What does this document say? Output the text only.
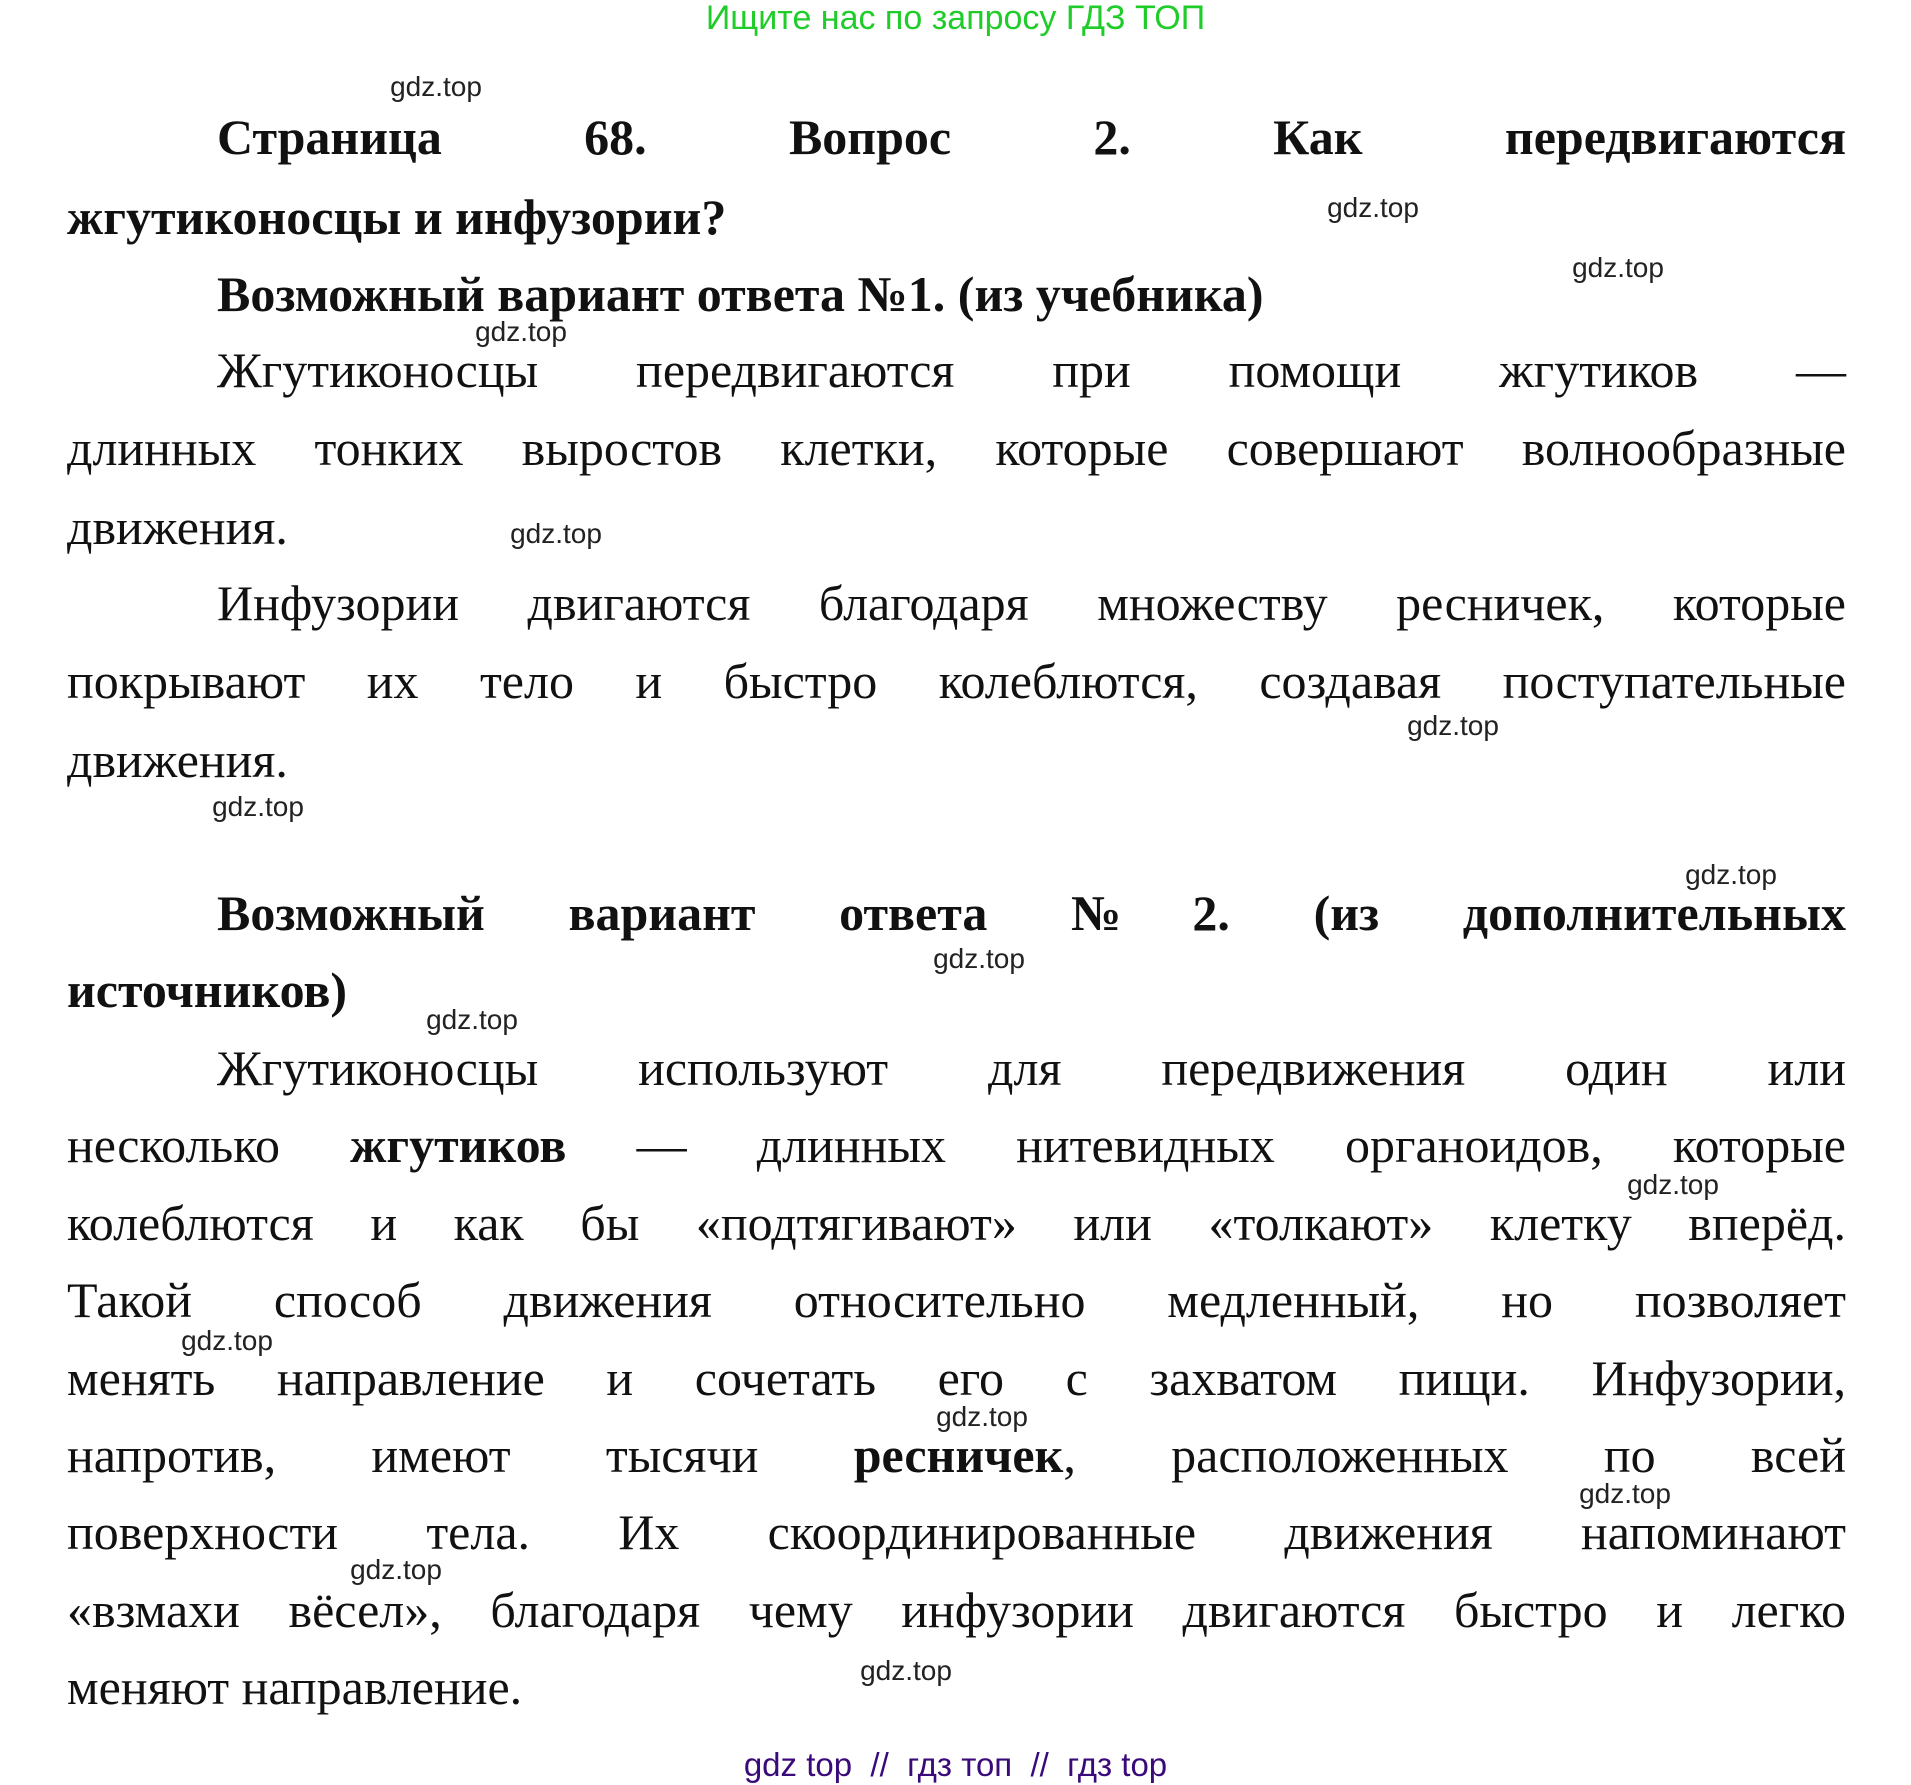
Ищите нас по запросу ГДЗ ТОП
Страница 68. Вопрос 2. Как передвигаются
жгутиконосцы и инфузории?
Возможный вариант ответа №1. (из учебника)
Жгутиконосцы передвигаются при помощи жгутиков —
длинных тонких выростов клетки, которые совершают волнообразные
движения.
Инфузории двигаются благодаря множеству ресничек, которые
покрывают их тело и быстро колеблются, создавая поступательные
движения.
Возможный вариант ответа №2. (из дополнительных
источников)
Жгутиконосцы используют для передвижения один или
несколько жгутиков — длинных нитевидных органоидов, которые
колеблются и как бы «подтягивают» или «толкают» клетку вперёд.
Такой способ движения относительно медленный, но позволяет
менять направление и сочетать его с захватом пищи. Инфузории,
напротив, имеют тысячи ресничек, расположенных по всей
поверхности тела. Их скоординированные движения напоминают
«взмахи вёсел», благодаря чему инфузории двигаются быстро и легко
меняют направление.
gdz.top
gdz.top
gdz.top
gdz.top
gdz.top
gdz.top
gdz.top
gdz.top
gdz.top
gdz.top
gdz.top
gdz.top
gdz.top
gdz.top
gdz.top
gdz.top
gdz top  //  гдз топ  //  гдз top
